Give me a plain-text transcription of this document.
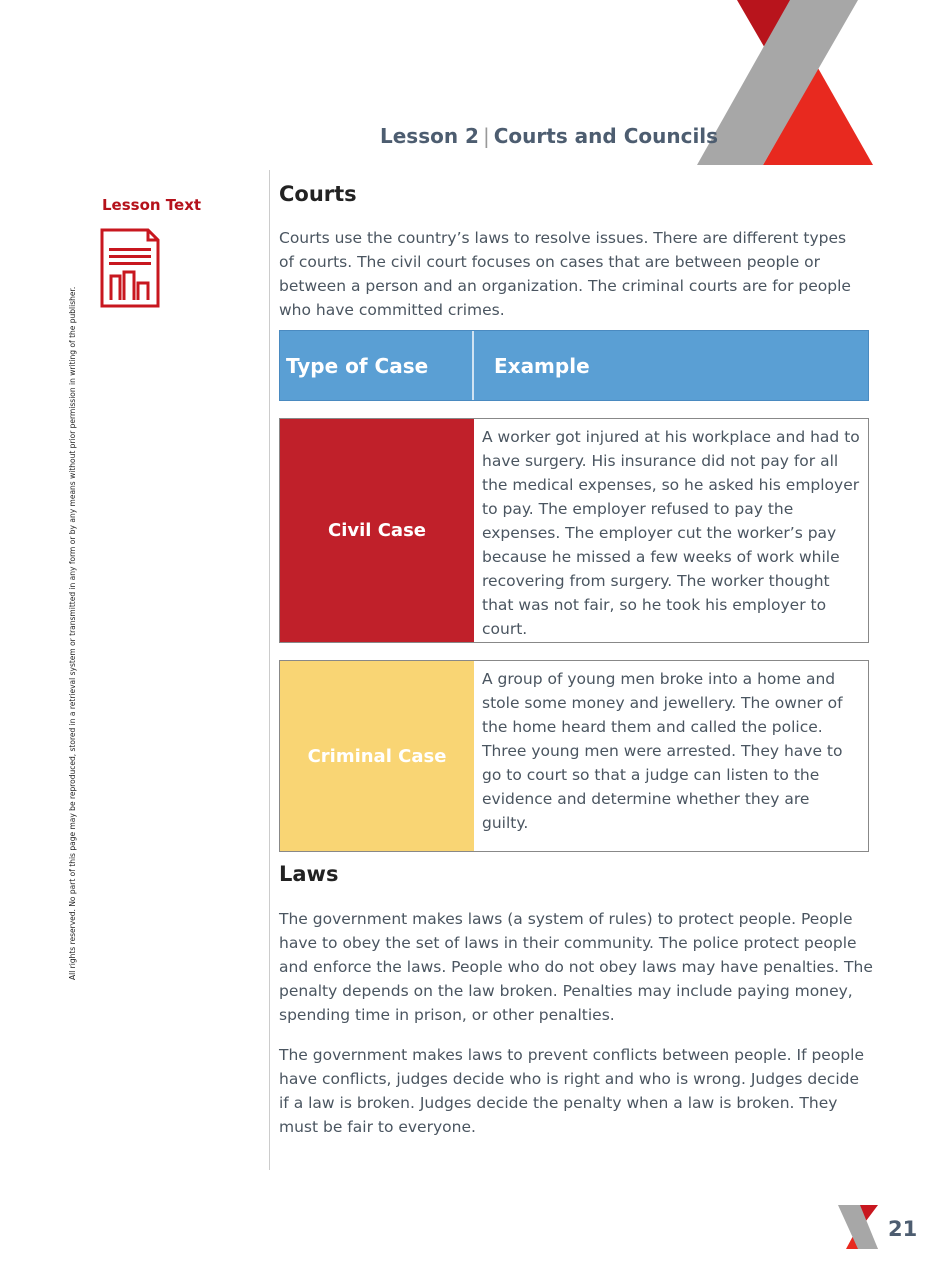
Lesson 2 | Courts and Councils
Lesson Text
All rights reserved. No part of this page may be reproduced, stored in a retrieval system or transmitted in any form or by any means without prior permission in writing of the publisher.
Courts

Courts use the country’s laws to resolve issues. There are different types of courts. The civil court focuses on cases that are between people or between a person and an organization. The criminal courts are for people who have committed crimes.

Type of Case	Example
Civil Case
A worker got injured at his workplace and had to have surgery. His insurance did not pay for all the medical expenses, so he asked his employer to pay. The employer refused to pay the expenses. The employer cut the worker’s pay because he missed a few weeks of work while recovering from surgery. The worker thought that was not fair, so he took his employer to court.
Criminal Case
A group of young men broke into a home and stole some money and jewellery. The owner of the home heard them and called the police. Three young men were arrested. They have to go to court so that a judge can listen to the evidence and determine whether they are guilty.
Laws

The government makes laws (a system of rules) to protect people. People have to obey the set of laws in their community. The police protect people and enforce the laws. People who do not obey laws may have penalties. The penalty depends on the law broken. Penalties may include paying money, spending time in prison, or other penalties.

The government makes laws to prevent conflicts between people. If people have conflicts, judges decide who is right and who is wrong. Judges decide if a law is broken. Judges decide the penalty when a law is broken. They must be fair to everyone.

21
